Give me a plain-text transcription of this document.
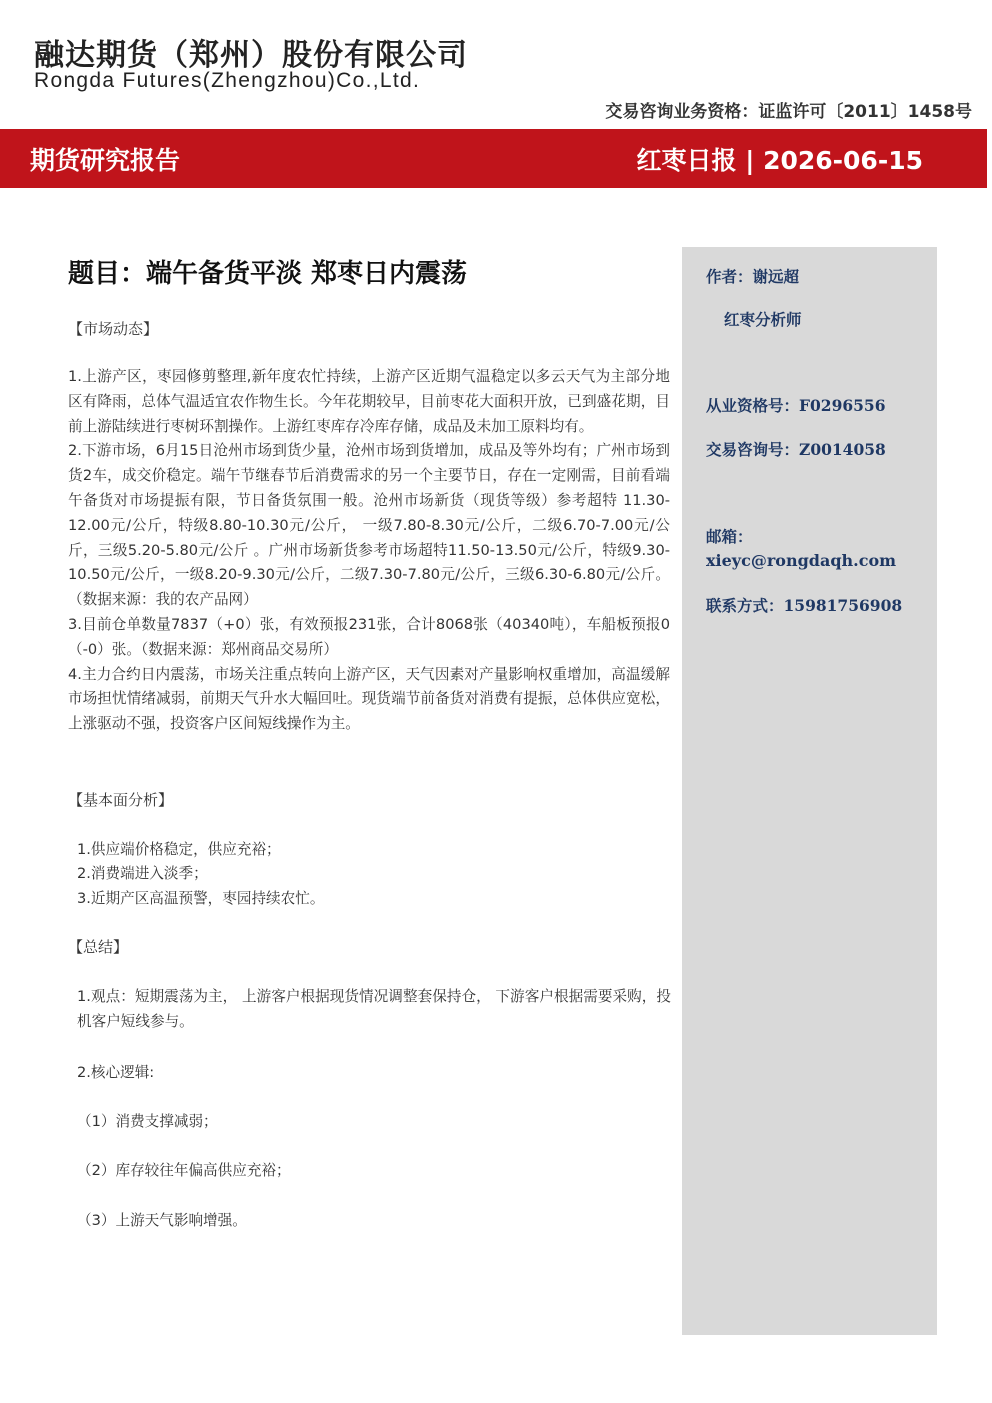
融达期货（郑州）股份有限公司
Rongda Futures(Zhengzhou)Co.,Ltd.
交易咨询业务资格：证监许可〔2011〕1458号
期货研究报告	红枣日报 | 2026-06-15
作者：谢远超
红枣分析师
从业资格号：F0296556
交易咨询号：Z0014058
邮箱：
xieyc@rongdaqh.com
联系方式：15981756908
题目：端午备货平淡 郑枣日内震荡
【市场动态】

1.上游产区，枣园修剪整理,新年度农忙持续，上游产区近期气温稳定以多云天气为主部分地区有降雨，总体气温适宜农作物生长。今年花期较早，目前枣花大面积开放，已到盛花期，目前上游陆续进行枣树环割操作。上游红枣库存冷库存储，成品及未加工原料均有。

2.下游市场，6月15日沧州市场到货少量，沧州市场到货增加，成品及等外均有；广州市场到货2车，成交价稳定。端午节继春节后消费需求的另一个主要节日，存在一定刚需，目前看端午备货对市场提振有限，节日备货氛围一般。沧州市场新货（现货等级）参考超特 11.30-12.00元/公斤，特级8.80-10.30元/公斤， 一级7.80-8.30元/公斤，二级6.70-7.00元/公斤，三级5.20-5.80元/公斤 。广州市场新货参考市场超特11.50-13.50元/公斤，特级9.30-10.50元/公斤，一级8.20-9.30元/公斤，二级7.30-7.80元/公斤，三级6.30-6.80元/公斤。（数据来源：我的农产品网）

3.目前仓单数量7837（+0）张，有效预报231张，合计8068张（40340吨），车船板预报0（-0）张。（数据来源：郑州商品交易所）

4.主力合约日内震荡，市场关注重点转向上游产区，天气因素对产量影响权重增加，高温缓解市场担忧情绪减弱，前期天气升水大幅回吐。现货端节前备货对消费有提振，总体供应宽松，上涨驱动不强，投资客户区间短线操作为主。

【基本面分析】
1.供应端价格稳定，供应充裕；
2.消费端进入淡季；
3.近期产区高温预警，枣园持续农忙。
【总结】
1.观点：短期震荡为主， 上游客户根据现货情况调整套保持仓， 下游客户根据需要采购，投机客户短线参与。
2.核心逻辑:
（1）消费支撑减弱；
（2）库存较往年偏高供应充裕；
（3）上游天气影响增强。
